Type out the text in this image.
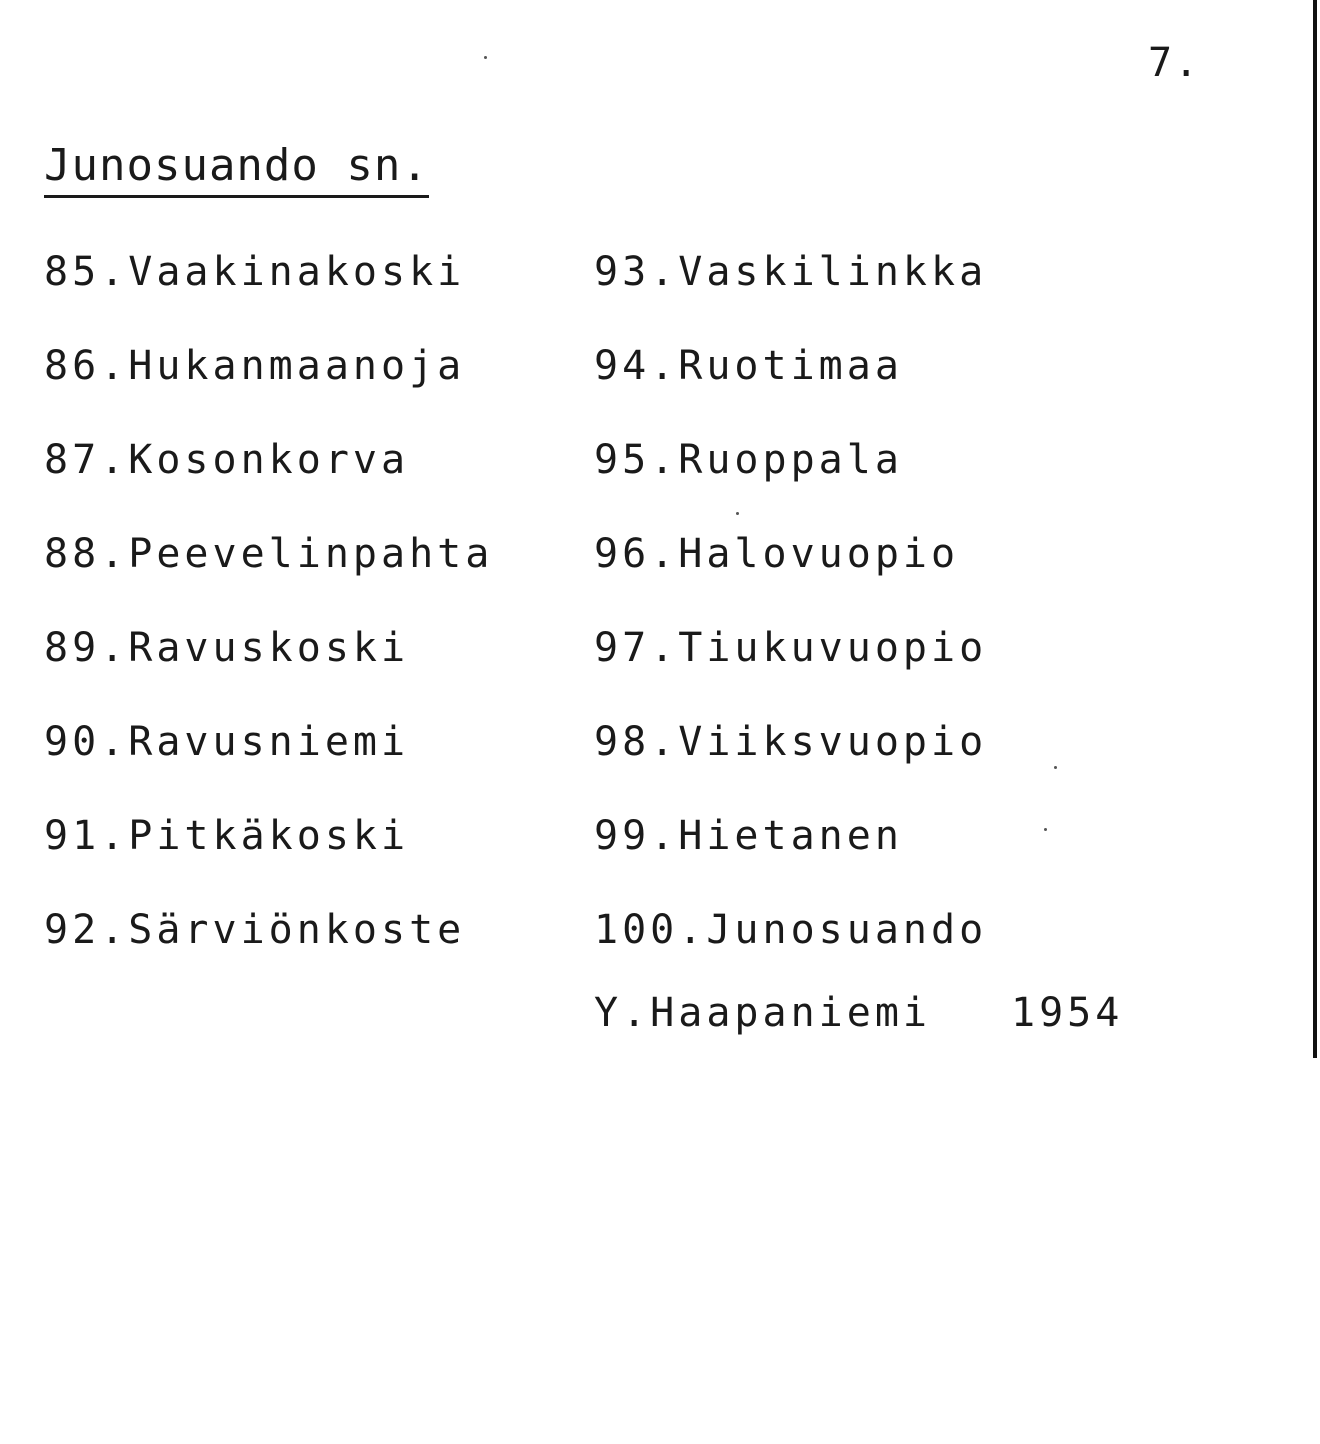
7.
Junosuando sn.
85.Vaakinakoski
86.Hukanmaanoja
87.Kosonkorva
88.Peevelinpahta
89.Ravuskoski
90.Ravusniemi
91.Pitkäkoski
92.Särviönkoste
93.Vaskilinkka
94.Ruotimaa
95.Ruoppala
96.Halovuopio
97.Tiukuvuopio
98.Viiksvuopio
99.Hietanen
100.Junosuando
Y.Haapaniemi 1954
